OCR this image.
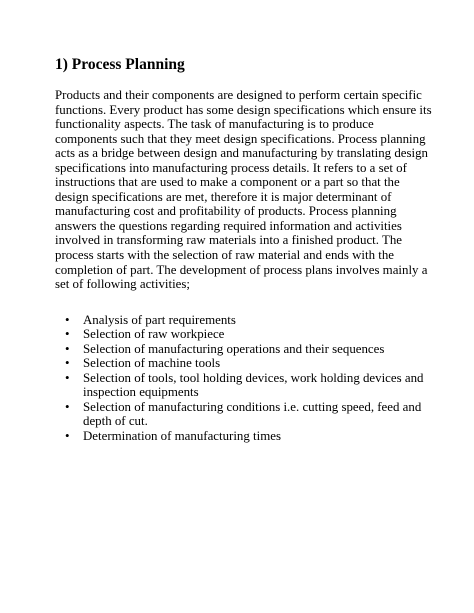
1) Process Planning

Products and their components are designed to perform certain specific
functions. Every product has some design specifications which ensure its
functionality aspects. The task of manufacturing is to produce
components such that they meet design specifications. Process planning
acts as a bridge between design and manufacturing by translating design
specifications into manufacturing process details. It refers to a set of
instructions that are used to make a component or a part so that the
design specifications are met, therefore it is major determinant of
manufacturing cost and profitability of products. Process planning
answers the questions regarding required information and activities
involved in transforming raw materials into a finished product. The
process starts with the selection of raw material and ends with the
completion of part. The development of process plans involves mainly a
set of following activities;

• Analysis of part requirements
• Selection of raw workpiece
• Selection of manufacturing operations and their sequences
• Selection of machine tools
• Selection of tools, tool holding devices, work holding devices and
inspection equipments
• Selection of manufacturing conditions i.e. cutting speed, feed and
depth of cut.
• Determination of manufacturing times
